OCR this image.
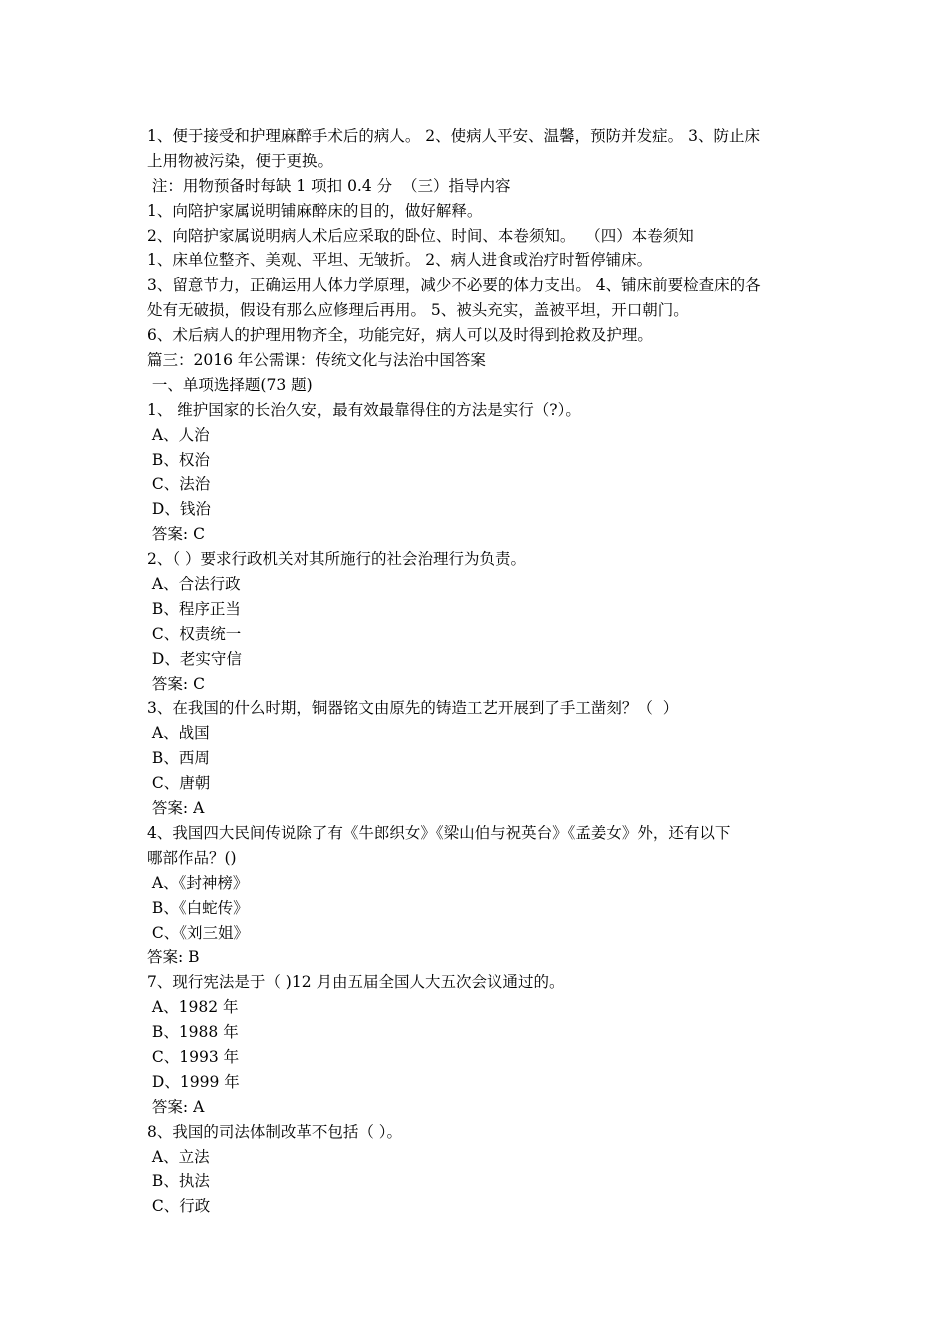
1、便于接受和护理麻醉手术后的病人。 2、使病人平安、温馨，预防并发症。 3、防止床
上用物被污染，便于更换。
注：用物预备时每缺 1 项扣 0.4 分  （三）指导内容
1、向陪护家属说明铺麻醉床的目的，做好解释。
2、向陪护家属说明病人术后应采取的卧位、时间、本卷须知。  （四）本卷须知
1、床单位整齐、美观、平坦、无皱折。 2、病人进食或治疗时暂停铺床。
3、留意节力，正确运用人体力学原理，减少不必要的体力支出。 4、铺床前要检查床的各
处有无破损，假设有那么应修理后再用。 5、被头充实，盖被平坦，开口朝门。
6、术后病人的护理用物齐全，功能完好，病人可以及时得到抢救及护理。
篇三：2016 年公需课：传统文化与法治中国答案
一、单项选择题(73 题)
1、 维护国家的长治久安，最有效最靠得住的方法是实行（?）。
A、人治
B、权治
C、法治
D、钱治
答案: C
2、（ ）要求行政机关对其所施行的社会治理行为负责。
A、合法行政
B、程序正当
C、权责统一
D、老实守信
答案: C
3、在我国的什么时期，铜器铭文由原先的铸造工艺开展到了手工凿刻？（  ）
A、战国
B、西周
C、唐朝
答案: A
4、我国四大民间传说除了有《牛郎织女》《梁山伯与祝英台》《孟姜女》外，还有以下
哪部作品？()
A、《封神榜》
B、《白蛇传》
C、《刘三姐》
答案: B
7、现行宪法是于（ )12 月由五届全国人大五次会议通过的。
A、1982 年
B、1988 年
C、1993 年
D、1999 年
答案: A
8、我国的司法体制改革不包括（ ）。
A、立法
B、执法
C、行政
